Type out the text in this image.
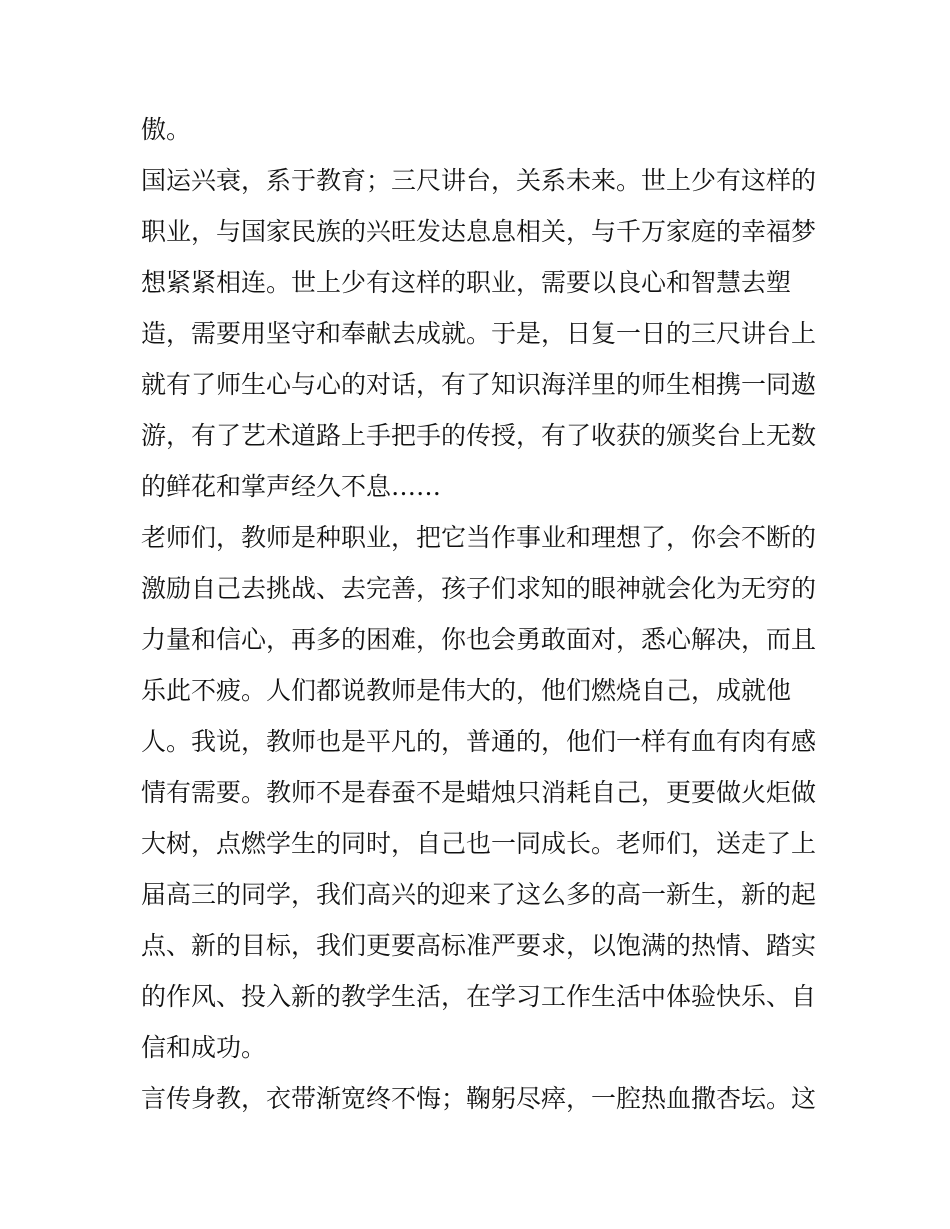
傲。
国运兴衰，系于教育；三尺讲台，关系未来。世上少有这样的
职业，与国家民族的兴旺发达息息相关，与千万家庭的幸福梦
想紧紧相连。世上少有这样的职业，需要以良心和智慧去塑
造，需要用坚守和奉献去成就。于是，日复一日的三尺讲台上
就有了师生心与心的对话，有了知识海洋里的师生相携一同遨
游，有了艺术道路上手把手的传授，有了收获的颁奖台上无数
的鲜花和掌声经久不息……
老师们，教师是种职业，把它当作事业和理想了，你会不断的
激励自己去挑战、去完善，孩子们求知的眼神就会化为无穷的
力量和信心，再多的困难，你也会勇敢面对，悉心解决，而且
乐此不疲。人们都说教师是伟大的，他们燃烧自己，成就他
人。我说，教师也是平凡的，普通的，他们一样有血有肉有感
情有需要。教师不是春蚕不是蜡烛只消耗自己，更要做火炬做
大树，点燃学生的同时，自己也一同成长。老师们，送走了上
届高三的同学，我们高兴的迎来了这么多的高一新生，新的起
点、新的目标，我们更要高标准严要求，以饱满的热情、踏实
的作风、投入新的教学生活，在学习工作生活中体验快乐、自
信和成功。
言传身教，衣带渐宽终不悔；鞠躬尽瘁，一腔热血撒杏坛。这
